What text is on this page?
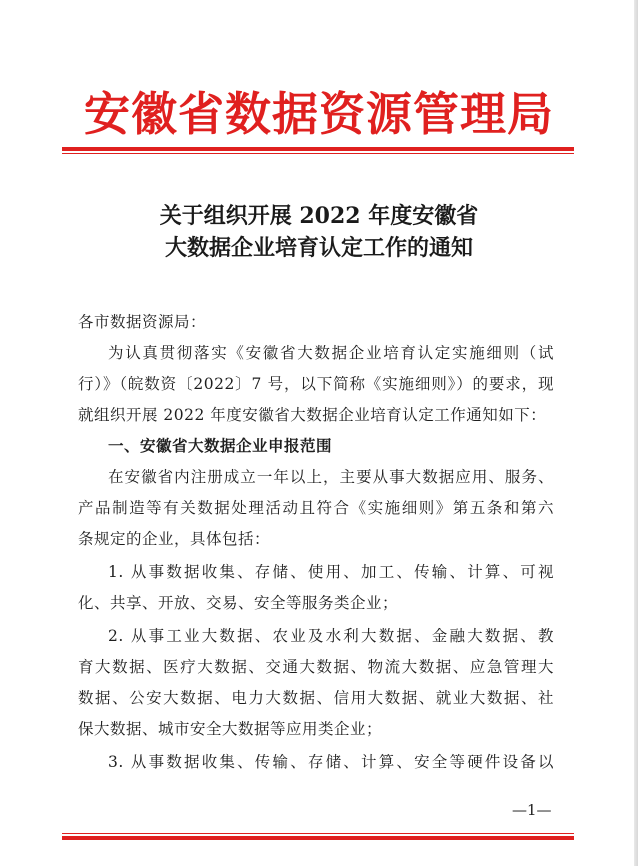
安徽省数据资源管理局
关于组织开展 2022 年度安徽省
大数据企业培育认定工作的通知
各市数据资源局：
为认真贯彻落实《安徽省大数据企业培育认定实施细则（试
行）》（皖数资〔2022〕7 号，以下简称《实施细则》）的要求，现
就组织开展 2022 年度安徽省大数据企业培育认定工作通知如下：
一、安徽省大数据企业申报范围
在安徽省内注册成立一年以上，主要从事大数据应用、服务、
产品制造等有关数据处理活动且符合《实施细则》第五条和第六
条规定的企业，具体包括：
1. 从事数据收集、存储、使用、加工、传输、计算、可视
化、共享、开放、交易、安全等服务类企业；
2. 从事工业大数据、农业及水利大数据、金融大数据、教
育大数据、医疗大数据、交通大数据、物流大数据、应急管理大
数据、公安大数据、电力大数据、信用大数据、就业大数据、社
保大数据、城市安全大数据等应用类企业；
3. 从事数据收集、传输、存储、计算、安全等硬件设备以
—1—
